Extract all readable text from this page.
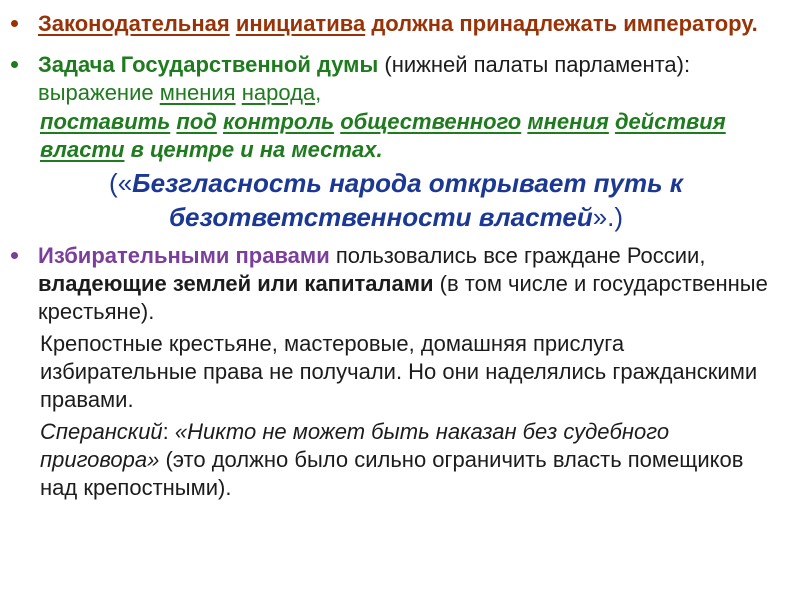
Законодательная инициатива должна принадлежать императору.
Задача Государственной думы (нижней палаты парламента):
выражение мнения народа,
поставить под контроль общественного мнения действия
власти в центре и на местах.
(«Безгласность народа открывает путь к
безответственности властей».)
Избирательными правами пользовались все граждане России,
владеющие землей или капиталами (в том числе и государственные
крестьяне).
Крепостные крестьяне, мастеровые, домашняя прислуга
избирательные права не получали. Но они наделялись гражданскими
правами.
Сперанский: «Никто не может быть наказан без судебного
приговора» (это должно было сильно ограничить власть помещиков
над крепостными).
